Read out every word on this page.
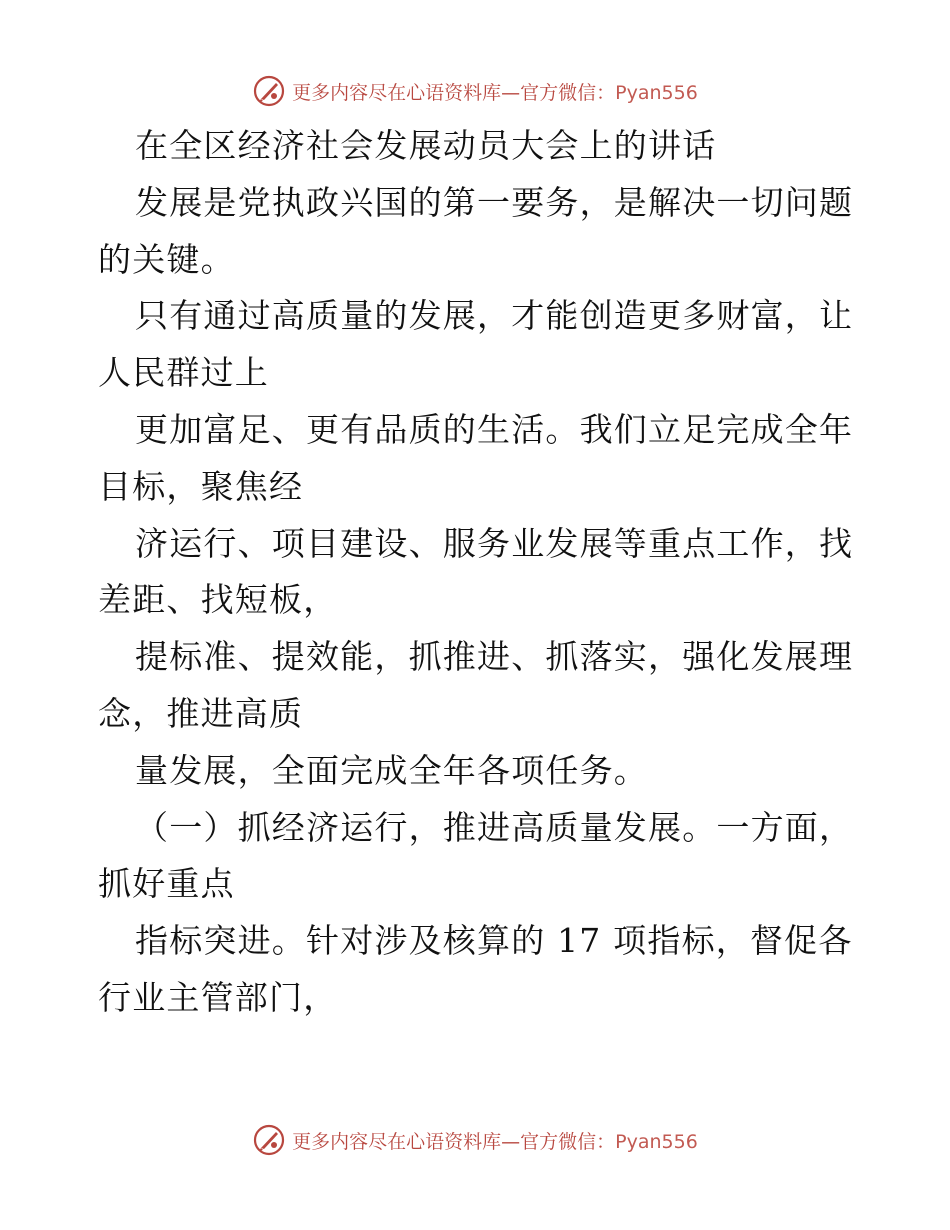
更多内容尽在心语资料库—官方微信：Pyan556
在全区经济社会发展动员大会上的讲话
发展是党执政兴国的第一要务，是解决一切问题
的关键。
只有通过高质量的发展，才能创造更多财富，让
人民群过上
更加富足、更有品质的生活。我们立足完成全年
目标，聚焦经
济运行、项目建设、服务业发展等重点工作，找
差距、找短板，
提标准、提效能，抓推进、抓落实，强化发展理
念，推进高质
量发展，全面完成全年各项任务。
（一）抓经济运行，推进高质量发展。一方面，
抓好重点
指标突进。针对涉及核算的 17 项指标，督促各
行业主管部门，
更多内容尽在心语资料库—官方微信：Pyan556
